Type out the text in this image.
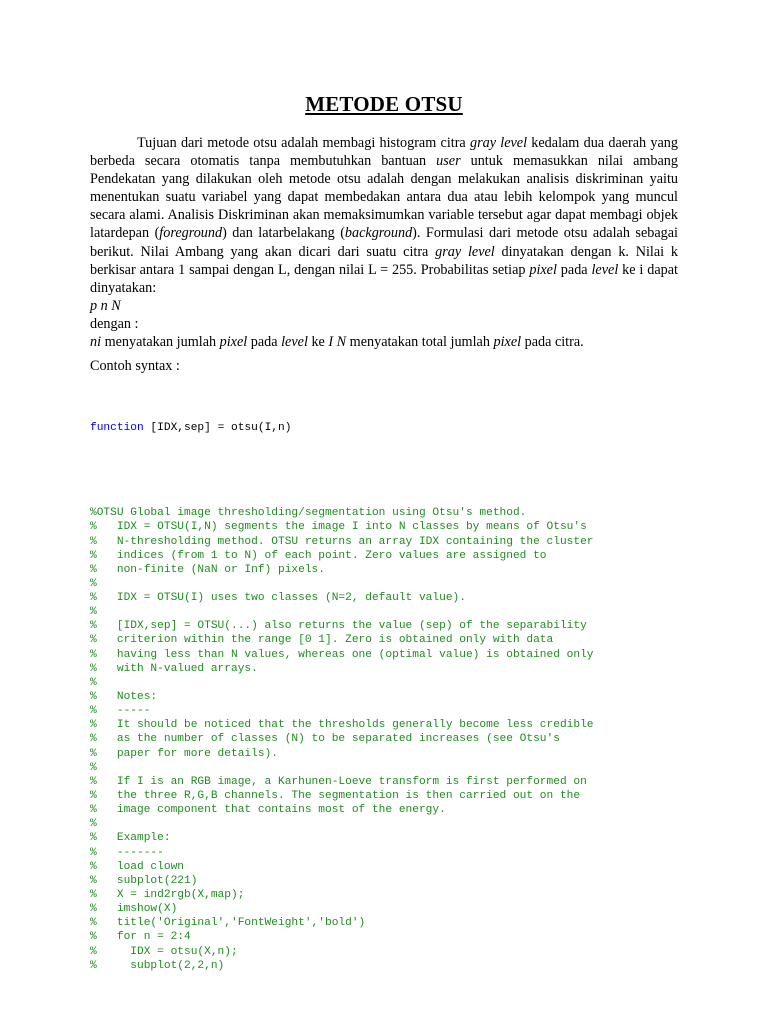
METODE OTSU

Tujuan dari metode otsu adalah membagi histogram citra gray level kedalam dua daerah yang berbeda secara otomatis tanpa membutuhkan bantuan user untuk memasukkan nilai ambang Pendekatan yang dilakukan oleh metode otsu adalah dengan melakukan analisis diskriminan yaitu menentukan suatu variabel yang dapat membedakan antara dua atau lebih kelompok yang muncul secara alami. Analisis Diskriminan akan memaksimumkan variable tersebut agar dapat membagi objek latardepan (foreground) dan latarbelakang (background). Formulasi dari metode otsu adalah sebagai berikut. Nilai Ambang yang akan dicari dari suatu citra gray level dinyatakan dengan k. Nilai k berkisar antara 1 sampai dengan L, dengan nilai L = 255. Probabilitas setiap pixel pada level ke i dapat dinyatakan:

p n N

dengan :

ni menyatakan jumlah pixel pada level ke I N menyatakan total jumlah pixel pada citra.

Contoh syntax :

function [IDX,sep] = otsu(I,n)

%OTSU Global image thresholding/segmentation using Otsu's method.
%   IDX = OTSU(I,N) segments the image I into N classes by means of Otsu's
%   N-thresholding method. OTSU returns an array IDX containing the cluster
%   indices (from 1 to N) of each point. Zero values are assigned to
%   non-finite (NaN or Inf) pixels.
%
%   IDX = OTSU(I) uses two classes (N=2, default value).
%
%   [IDX,sep] = OTSU(...) also returns the value (sep) of the separability
%   criterion within the range [0 1]. Zero is obtained only with data
%   having less than N values, whereas one (optimal value) is obtained only
%   with N-valued arrays.
%
%   Notes:
%   -----
%   It should be noticed that the thresholds generally become less credible
%   as the number of classes (N) to be separated increases (see Otsu's
%   paper for more details).
%
%   If I is an RGB image, a Karhunen-Loeve transform is first performed on
%   the three R,G,B channels. The segmentation is then carried out on the
%   image component that contains most of the energy.
%
%   Example:
%   -------
%   load clown
%   subplot(221)
%   X = ind2rgb(X,map);
%   imshow(X)
%   title('Original','FontWeight','bold')
%   for n = 2:4
%     IDX = otsu(X,n);
%     subplot(2,2,n)
